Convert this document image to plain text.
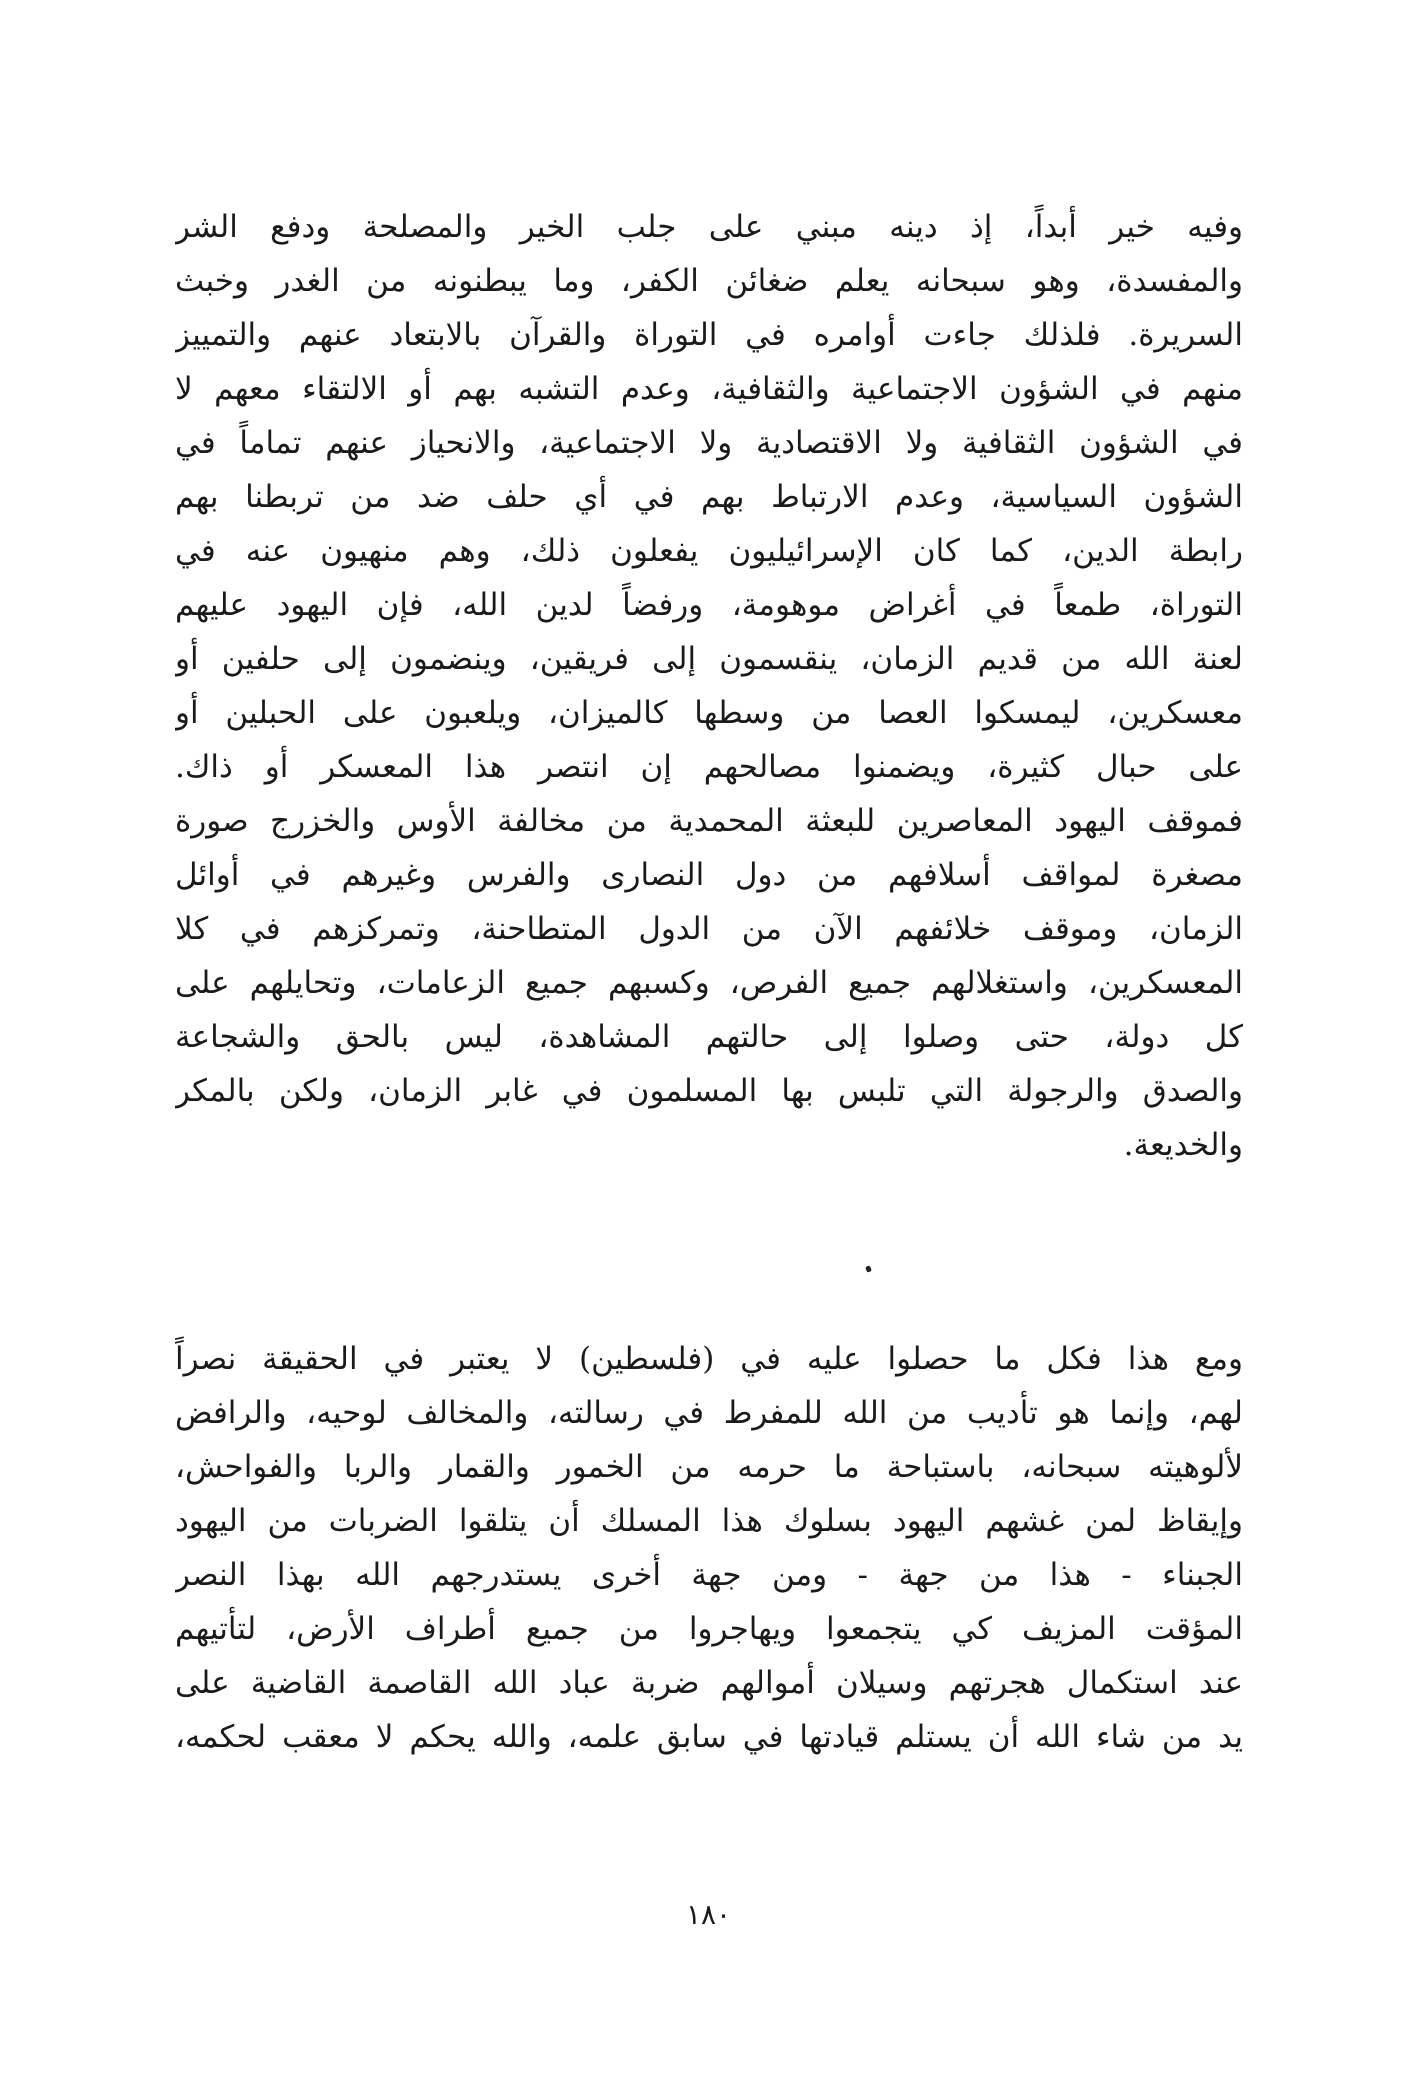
وفيه خير أبداً، إذ دينه مبني على جلب الخير والمصلحة ودفع الشر
والمفسدة، وهو سبحانه يعلم ضغائن الكفر، وما يبطنونه من الغدر وخبث
السريرة. فلذلك جاءت أوامره في التوراة والقرآن بالابتعاد عنهم والتمييز
منهم في الشؤون الاجتماعية والثقافية، وعدم التشبه بهم أو الالتقاء معهم لا
في الشؤون الثقافية ولا الاقتصادية ولا الاجتماعية، والانحياز عنهم تماماً في
الشؤون السياسية، وعدم الارتباط بهم في أي حلف ضد من تربطنا بهم
رابطة الدين، كما كان الإسرائيليون يفعلون ذلك، وهم منهيون عنه في
التوراة، طمعاً في أغراض موهومة، ورفضاً لدين الله، فإن اليهود عليهم
لعنة الله من قديم الزمان، ينقسمون إلى فريقين، وينضمون إلى حلفين أو
معسكرين، ليمسكوا العصا من وسطها كالميزان، ويلعبون على الحبلين أو
على حبال كثيرة، ويضمنوا مصالحهم إن انتصر هذا المعسكر أو ذاك.
فموقف اليهود المعاصرين للبعثة المحمدية من مخالفة الأوس والخزرج صورة
مصغرة لمواقف أسلافهم من دول النصارى والفرس وغيرهم في أوائل
الزمان، وموقف خلائفهم الآن من الدول المتطاحنة، وتمركزهم في كلا
المعسكرين، واستغلالهم جميع الفرص، وكسبهم جميع الزعامات، وتحايلهم على
كل دولة، حتى وصلوا إلى حالتهم المشاهدة، ليس بالحق والشجاعة
والصدق والرجولة التي تلبس بها المسلمون في غابر الزمان، ولكن بالمكر
والخديعة.
ومع هذا فكل ما حصلوا عليه في (فلسطين) لا يعتبر في الحقيقة نصراً
لهم، وإنما هو تأديب من الله للمفرط في رسالته، والمخالف لوحيه، والرافض
لألوهيته سبحانه، باستباحة ما حرمه من الخمور والقمار والربا والفواحش،
وإيقاظ لمن غشهم اليهود بسلوك هذا المسلك أن يتلقوا الضربات من اليهود
الجبناء - هذا من جهة - ومن جهة أخرى يستدرجهم الله بهذا النصر
المؤقت المزيف كي يتجمعوا ويهاجروا من جميع أطراف الأرض، لتأتيهم
عند استكمال هجرتهم وسيلان أموالهم ضربة عباد الله القاصمة القاضية على
يد من شاء الله أن يستلم قيادتها في سابق علمه، والله يحكم لا معقب لحكمه،
١٨٠
